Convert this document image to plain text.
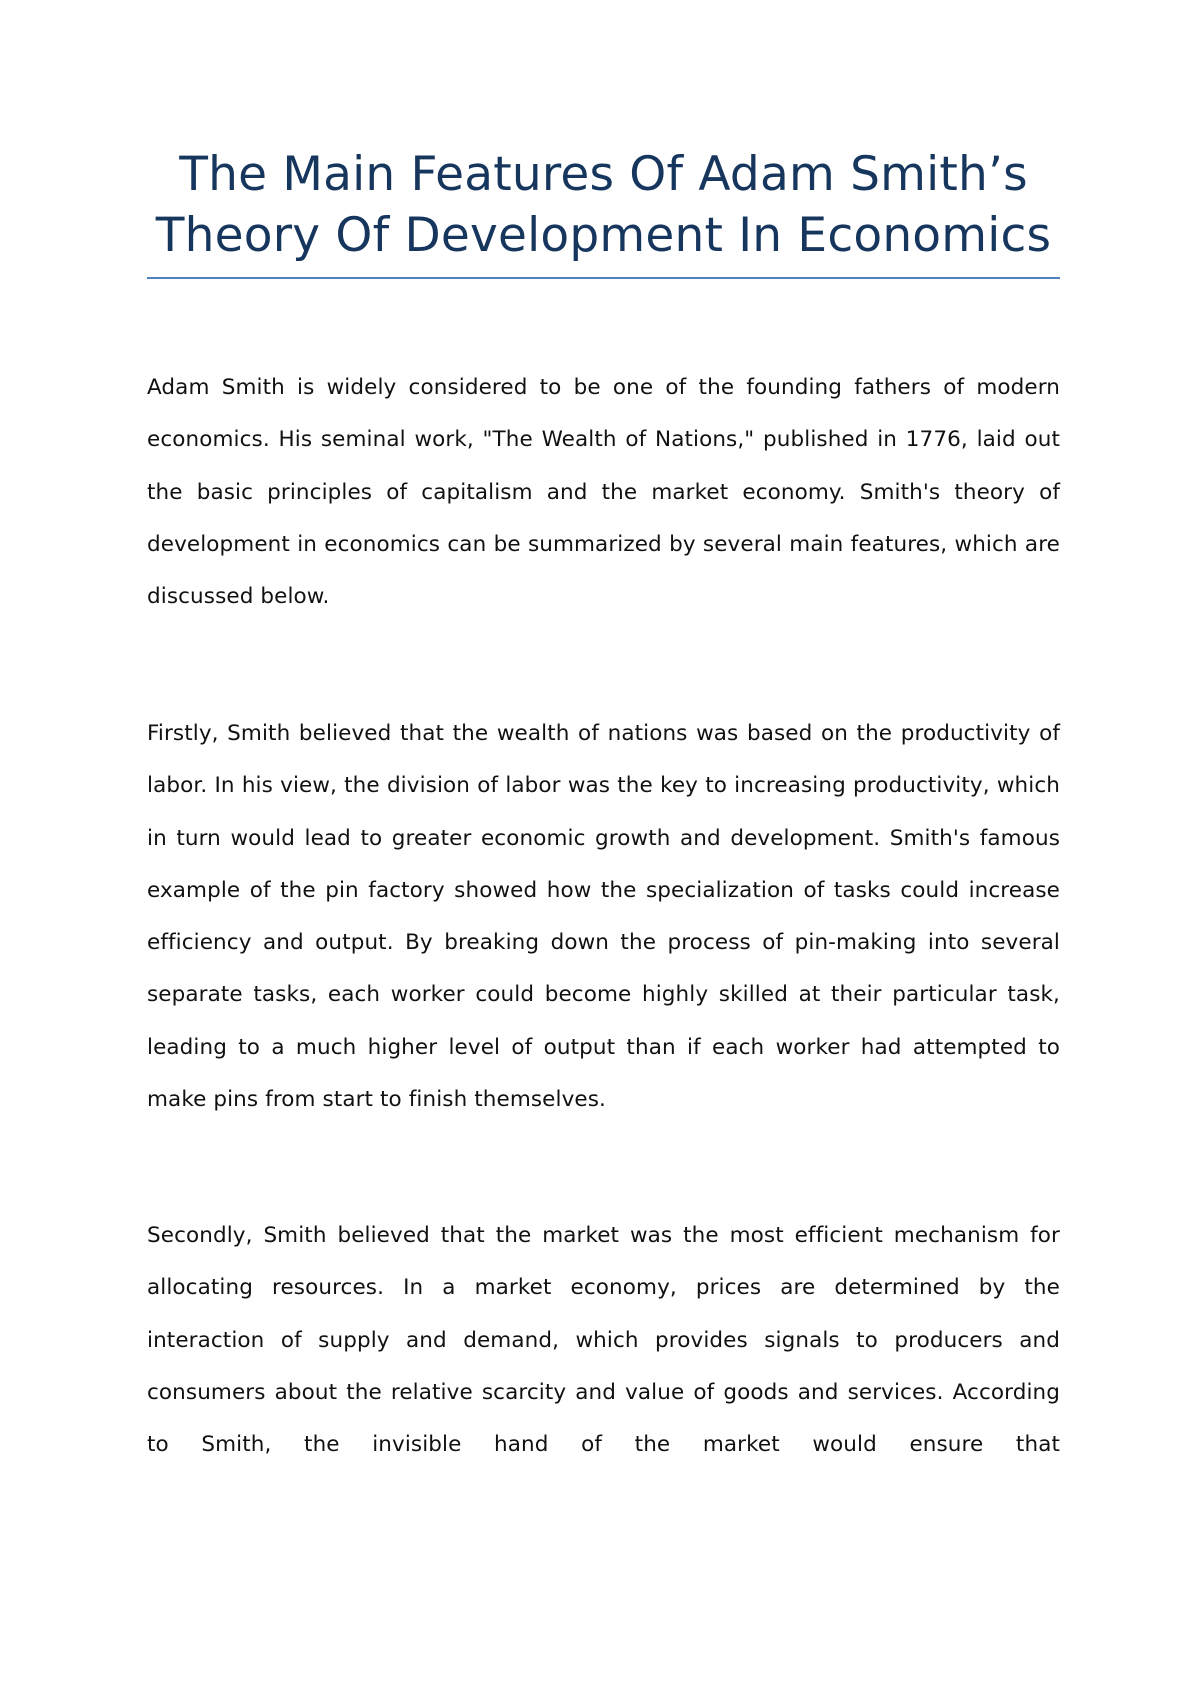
The Main Features Of Adam Smith’s Theory Of Development In Economics

Adam Smith is widely considered to be one of the founding fathers of modern economics. His seminal work, "The Wealth of Nations," published in 1776, laid out the basic principles of capitalism and the market economy. Smith's theory of development in economics can be summarized by several main features, which are discussed below.

Firstly, Smith believed that the wealth of nations was based on the productivity of labor. In his view, the division of labor was the key to increasing productivity, which in turn would lead to greater economic growth and development. Smith's famous example of the pin factory showed how the specialization of tasks could increase efficiency and output. By breaking down the process of pin-making into several separate tasks, each worker could become highly skilled at their particular task, leading to a much higher level of output than if each worker had attempted to make pins from start to finish themselves.

Secondly, Smith believed that the market was the most efficient mechanism for allocating resources. In a market economy, prices are determined by the interaction of supply and demand, which provides signals to producers and consumers about the relative scarcity and value of goods and services. According to Smith, the invisible hand of the market would ensure that
